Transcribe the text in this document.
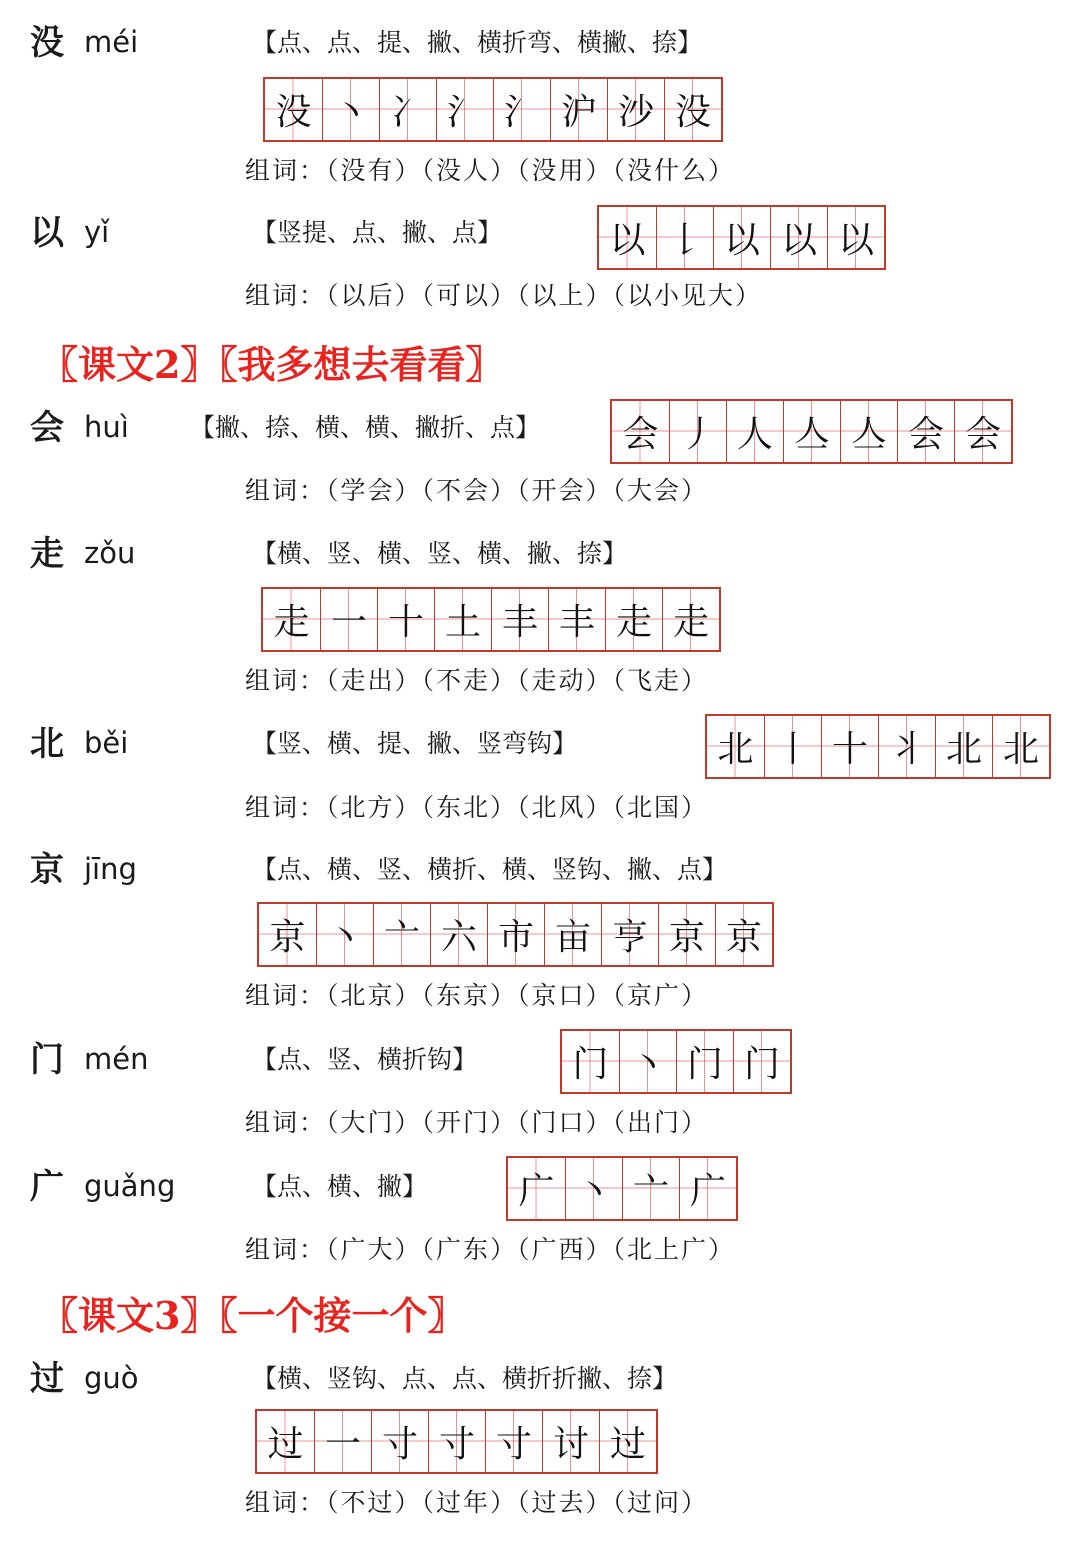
没 méi	【点、点、提、撇、横折弯、横撇、捺】
没 丶 冫 氵 氵 沪 沙 没
组词：（没有）（没人）（没用）（没什么）
以 yǐ	【竖提、点、撇、点】	以 𠄌 以 以 以
组词：（以后）（可以）（以上）（以小见大）
〖课文2〗〖我多想去看看〗
会 huì 【撇、捺、横、横、撇折、点】 会 丿 人 亼 亼 会 会
组词：（学会）（不会）（开会）（大会）
走 zǒu	【横、竖、横、竖、横、撇、捺】
走 一 十 土 丰 丰 走 走
组词：（走出）（不走）（走动）（飞走）
北 běi	【竖、横、提、撇、竖弯钩】	北 丨 十 丬 北 北
组词：（北方）（东北）（北风）（北国）
京 jīng	【点、横、竖、横折、横、竖钩、撇、点】
京 丶 亠 六 市 亩 亨 京 京
组词：（北京）（东京）（京口）（京广）
门 mén	【点、竖、横折钩】	门 丶 门 门
组词：（大门）（开门）（门口）（出门）
广 guǎng	【点、横、撇】	广 丶 亠 广
组词：（广大）（广东）（广西）（北上广）
〖课文3〗〖一个接一个〗
过 guò	【横、竖钩、点、点、横折折撇、捺】
过 一 寸 寸 寸 讨 过
组词：（不过）（过年）（过去）（过问）
